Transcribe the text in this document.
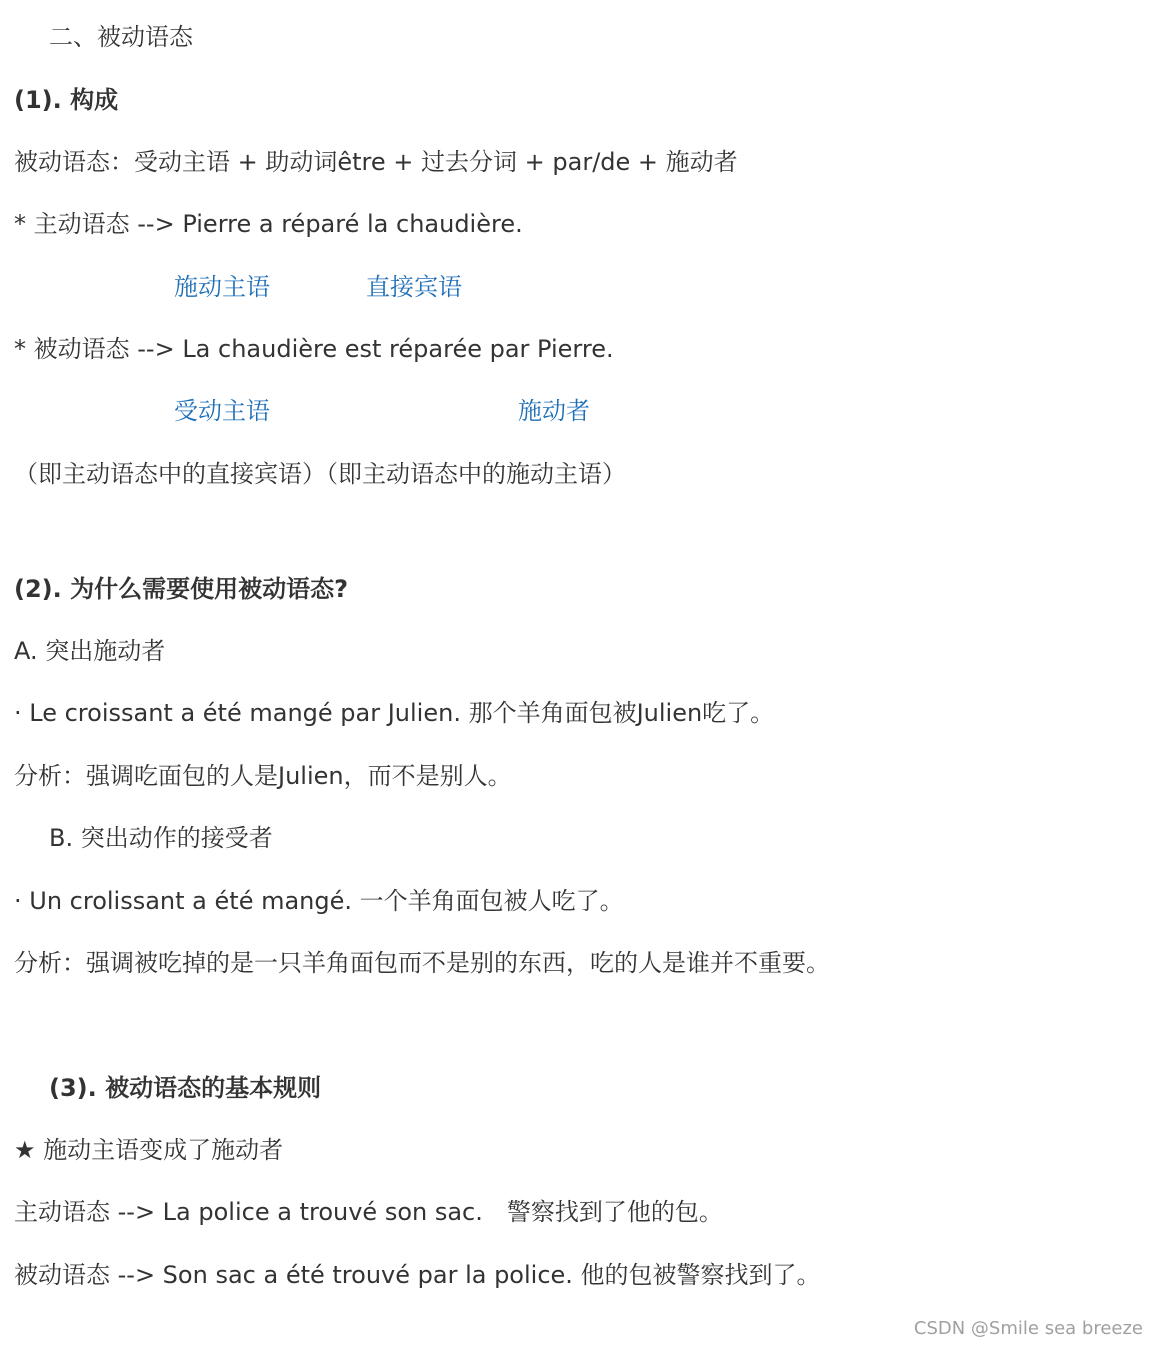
二、被动语态
(1). 构成
被动语态：受动主语 + 助动词être + 过去分词 + par/de + 施动者
* 主动语态 --> Pierre a réparé la chaudière.
施动主语	直接宾语
* 被动语态 --> La chaudière est réparée par Pierre.
受动主语	施动者
（即主动语态中的直接宾语）（即主动语态中的施动主语）
(2). 为什么需要使用被动语态?
A. 突出施动者
· Le croissant a été mangé par Julien. 那个羊角面包被Julien吃了。
分析：强调吃面包的人是Julien，而不是别人。
B. 突出动作的接受者
· Un crolissant a été mangé. 一个羊角面包被人吃了。
分析：强调被吃掉的是一只羊角面包而不是别的东西，吃的人是谁并不重要。
(3). 被动语态的基本规则
★ 施动主语变成了施动者
主动语态 --> La police a trouvé son sac.　警察找到了他的包。
被动语态 --> Son sac a été trouvé par la police. 他的包被警察找到了。
CSDN @Smile sea breeze
